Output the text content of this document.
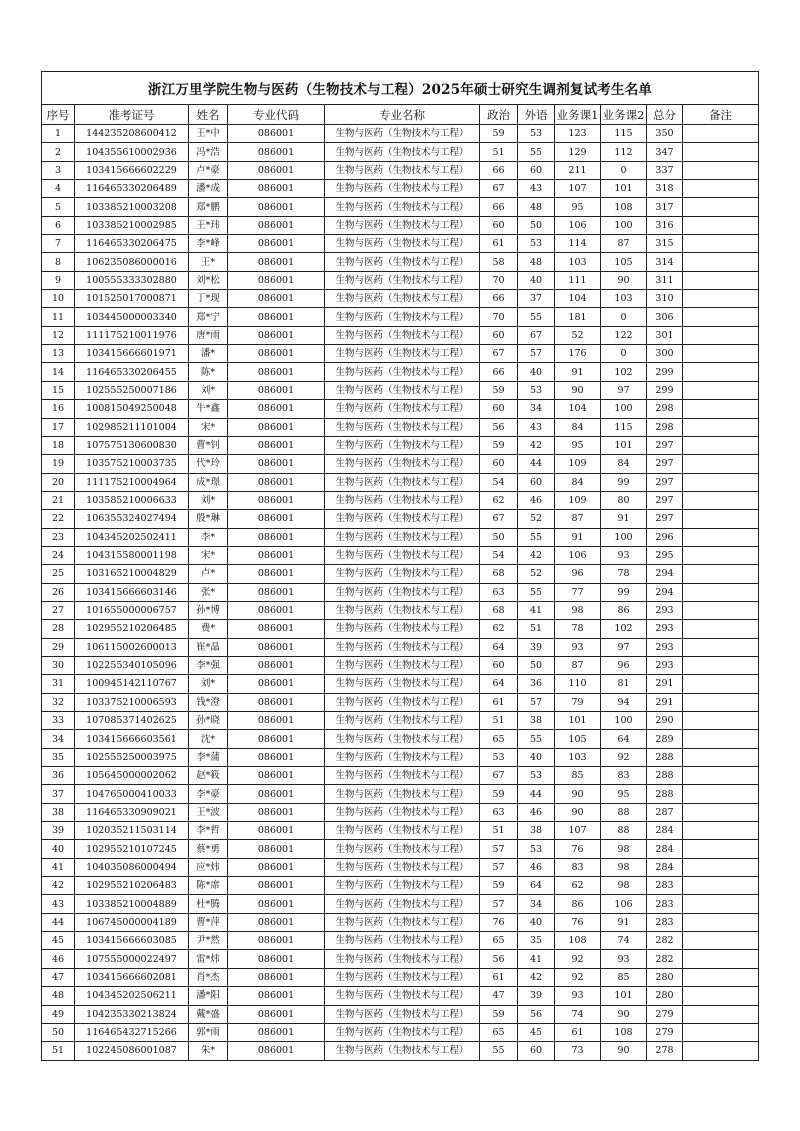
浙江万里学院生物与医药（生物技术与工程）2025年硕士研究生调剂复试考生名单										
序号	准考证号	姓名	专业代码	专业名称	政治	外语	业务课1	业务课2	总分	备注
1	144235208600412	王*中	086001	生物与医药（生物技术与工程）	59	53	123	115	350	
2	104355610002936	冯*浩	086001	生物与医药（生物技术与工程）	51	55	129	112	347	
3	103415666602229	卢*豪	086001	生物与医药（生物技术与工程）	66	60	211	0	337	
4	116465330206489	潘*成	086001	生物与医药（生物技术与工程）	67	43	107	101	318	
5	103385210003208	郑*鹏	086001	生物与医药（生物技术与工程）	66	48	95	108	317	
6	103385210002985	王*玮	086001	生物与医药（生物技术与工程）	60	50	106	100	316	
7	116465330206475	李*峰	086001	生物与医药（生物技术与工程）	61	53	114	87	315	
8	106235086000016	王*	086001	生物与医药（生物技术与工程）	58	48	103	105	314	
9	100555333302880	刘*松	086001	生物与医药（生物技术与工程）	70	40	111	90	311	
10	101525017000871	丁*现	086001	生物与医药（生物技术与工程）	66	37	104	103	310	
11	103445000003340	郑*宁	086001	生物与医药（生物技术与工程）	70	55	181	0	306	
12	111175210011976	唐*雨	086001	生物与医药（生物技术与工程）	60	67	52	122	301	
13	103415666601971	潘*	086001	生物与医药（生物技术与工程）	67	57	176	0	300	
14	116465330206455	陈*	086001	生物与医药（生物技术与工程）	66	40	91	102	299	
15	102555250007186	刘*	086001	生物与医药（生物技术与工程）	59	53	90	97	299	
16	100815049250048	牛*鑫	086001	生物与医药（生物技术与工程）	60	34	104	100	298	
17	102985211101004	宋*	086001	生物与医药（生物技术与工程）	56	43	84	115	298	
18	107575130600830	曹*钊	086001	生物与医药（生物技术与工程）	59	42	95	101	297	
19	103575210003735	代*玲	086001	生物与医药（生物技术与工程）	60	44	109	84	297	
20	111175210004964	成*璟	086001	生物与医药（生物技术与工程）	54	60	84	99	297	
21	103585210006633	刘*	086001	生物与医药（生物技术与工程）	62	46	109	80	297	
22	106355324027494	殷*琳	086001	生物与医药（生物技术与工程）	67	52	87	91	297	
23	104345202502411	李*	086001	生物与医药（生物技术与工程）	50	55	91	100	296	
24	104315580001198	宋*	086001	生物与医药（生物技术与工程）	54	42	106	93	295	
25	103165210004829	卢*	086001	生物与医药（生物技术与工程）	68	52	96	78	294	
26	103415666603146	张*	086001	生物与医药（生物技术与工程）	63	55	77	99	294	
27	101655000006757	孙*博	086001	生物与医药（生物技术与工程）	68	41	98	86	293	
28	102955210206485	费*	086001	生物与医药（生物技术与工程）	62	51	78	102	293	
29	106115002600013	崔*晶	086001	生物与医药（生物技术与工程）	64	39	93	97	293	
30	102255340105096	李*强	086001	生物与医药（生物技术与工程）	60	50	87	96	293	
31	100945142110767	刘*	086001	生物与医药（生物技术与工程）	64	36	110	81	291	
32	103375210006593	钱*澄	086001	生物与医药（生物技术与工程）	61	57	79	94	291	
33	107085371402625	孙*晓	086001	生物与医药（生物技术与工程）	51	38	101	100	290	
34	103415666603561	沈*	086001	生物与医药（生物技术与工程）	65	55	105	64	289	
35	102555250003975	李*蒲	086001	生物与医药（生物技术与工程）	53	40	103	92	288	
36	105645000002062	赵*筱	086001	生物与医药（生物技术与工程）	67	53	85	83	288	
37	104765000410033	李*豪	086001	生物与医药（生物技术与工程）	59	44	90	95	288	
38	116465330909021	王*波	086001	生物与医药（生物技术与工程）	63	46	90	88	287	
39	102035211503114	李*哲	086001	生物与医药（生物技术与工程）	51	38	107	88	284	
40	102955210107245	蔡*勇	086001	生物与医药（生物技术与工程）	57	53	76	98	284	
41	104035086000494	应*炜	086001	生物与医药（生物技术与工程）	57	46	83	98	284	
42	102955210206483	陈*席	086001	生物与医药（生物技术与工程）	59	64	62	98	283	
43	103385210004889	杜*腾	086001	生物与医药（生物技术与工程）	57	34	86	106	283	
44	106745000004189	曹*萍	086001	生物与医药（生物技术与工程）	76	40	76	91	283	
45	103415666603085	尹*然	086001	生物与医药（生物技术与工程）	65	35	108	74	282	
46	107555000022497	雷*炜	086001	生物与医药（生物技术与工程）	56	41	92	93	282	
47	103415666602081	肖*杰	086001	生物与医药（生物技术与工程）	61	42	92	85	280	
48	104345202506211	潘*阳	086001	生物与医药（生物技术与工程）	47	39	93	101	280	
49	104235330213824	戴*盛	086001	生物与医药（生物技术与工程）	59	56	74	90	279	
50	116465432715266	郭*雨	086001	生物与医药（生物技术与工程）	65	45	61	108	279	
51	102245086001087	朱*	086001	生物与医药（生物技术与工程）	55	60	73	90	278	
